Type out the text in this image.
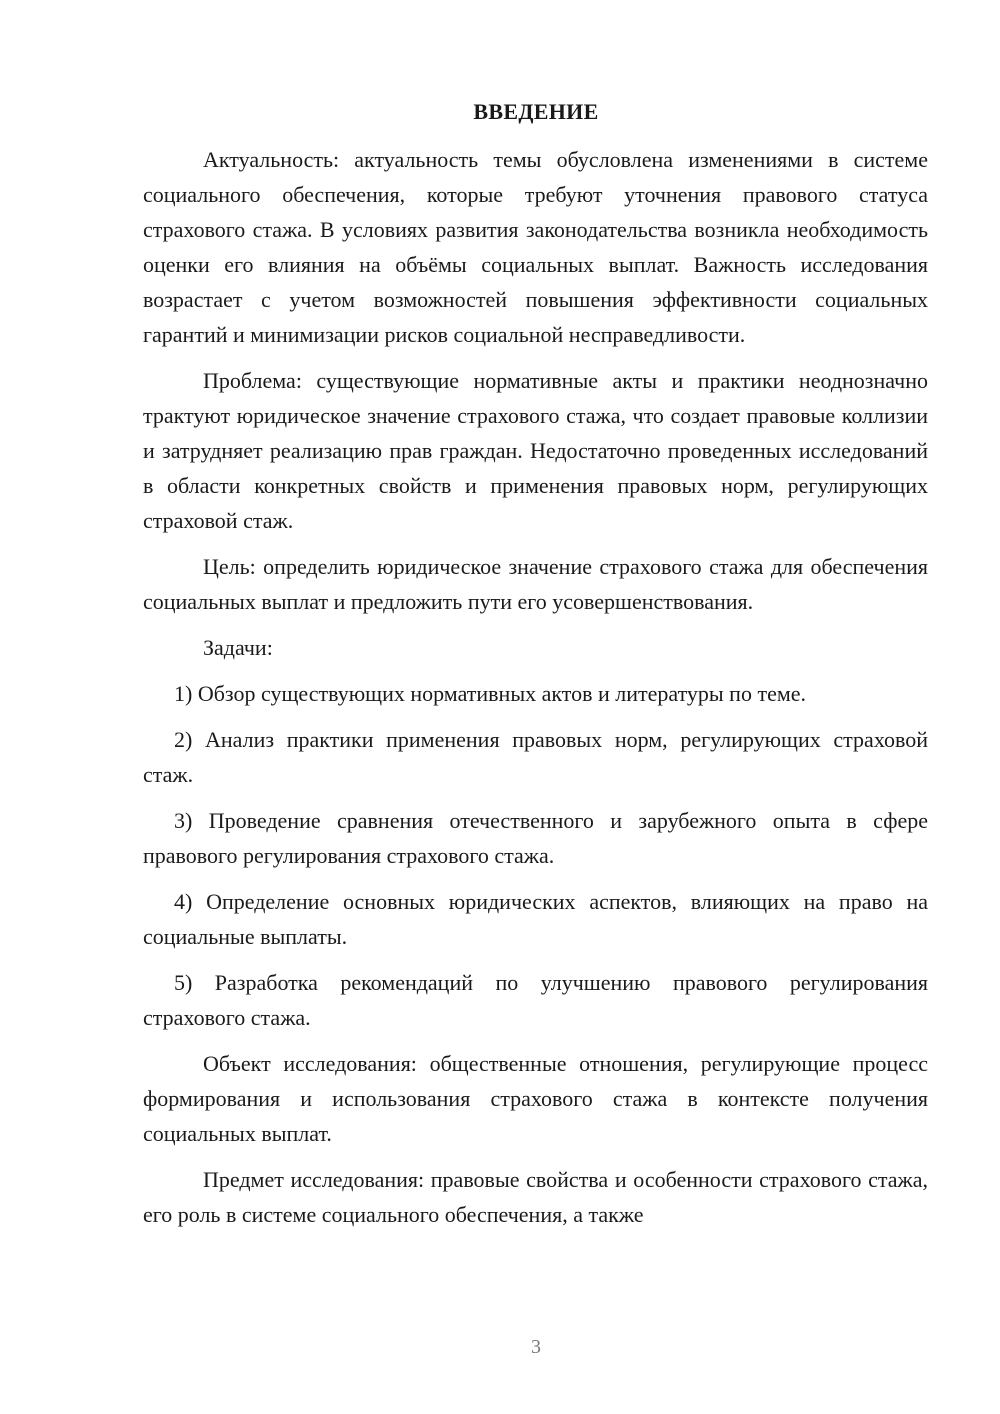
ВВЕДЕНИЕ

Актуальность: актуальность темы обусловлена изменениями в системе социального обеспечения, которые требуют уточнения правового статуса страхового стажа. В условиях развития законодательства возникла необходимость оценки его влияния на объёмы социальных выплат. Важность исследования возрастает с учетом возможностей повышения эффективности социальных гарантий и минимизации рисков социальной несправедливости.

Проблема: существующие нормативные акты и практики неоднозначно трактуют юридическое значение страхового стажа, что создает правовые коллизии и затрудняет реализацию прав граждан. Недостаточно проведенных исследований в области конкретных свойств и применения правовых норм, регулирующих страховой стаж.

Цель: определить юридическое значение страхового стажа для обеспечения социальных выплат и предложить пути его усовершенствования.

Задачи:

1) Обзор существующих нормативных актов и литературы по теме.

2) Анализ практики применения правовых норм, регулирующих страховой стаж.

3) Проведение сравнения отечественного и зарубежного опыта в сфере правового регулирования страхового стажа.

4) Определение основных юридических аспектов, влияющих на право на социальные выплаты.

5) Разработка рекомендаций по улучшению правового регулирования страхового стажа.

Объект исследования: общественные отношения, регулирующие процесс формирования и использования страхового стажа в контексте получения социальных выплат.

Предмет исследования: правовые свойства и особенности страхового стажа, его роль в системе социального обеспечения, а также

3
